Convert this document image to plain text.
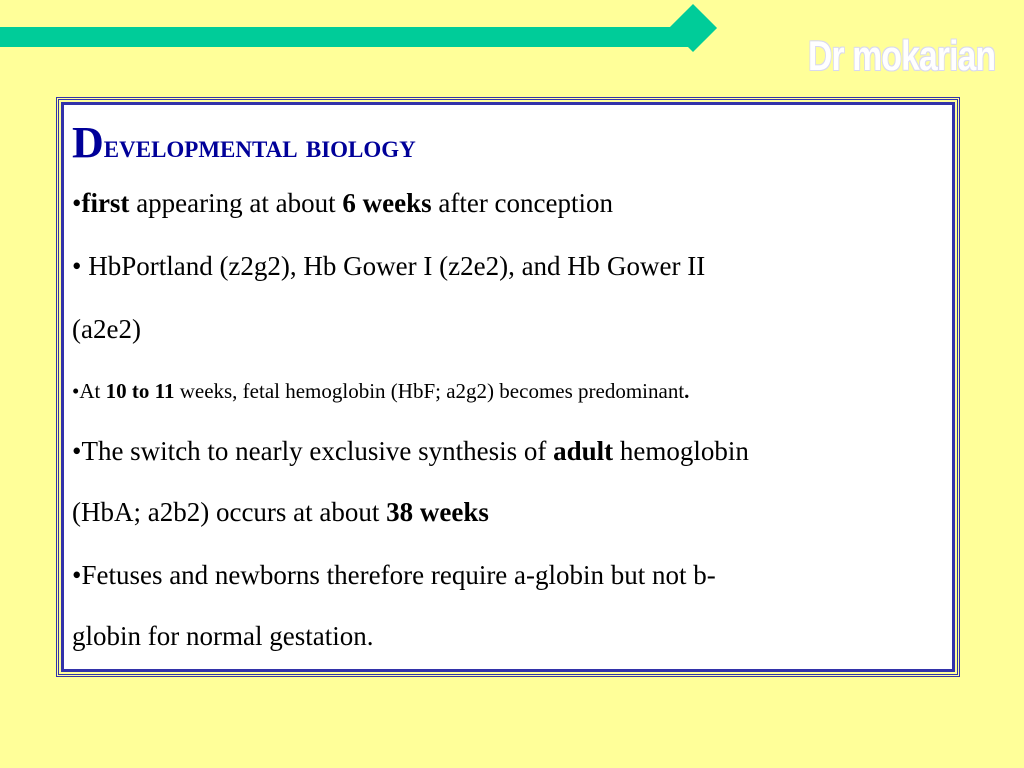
Dr mokarian
Developmental biology

•first appearing at about 6 weeks after conception

• HbPortland (z2g2), Hb Gower I (z2e2), and Hb Gower II

(a2e2)

•At 10 to 11 weeks, fetal hemoglobin (HbF; a2g2) becomes predominant.

•The switch to nearly exclusive synthesis of adult hemoglobin

(HbA; a2b2) occurs at about 38 weeks

•Fetuses and newborns therefore require a-globin but not b-

globin for normal gestation.
